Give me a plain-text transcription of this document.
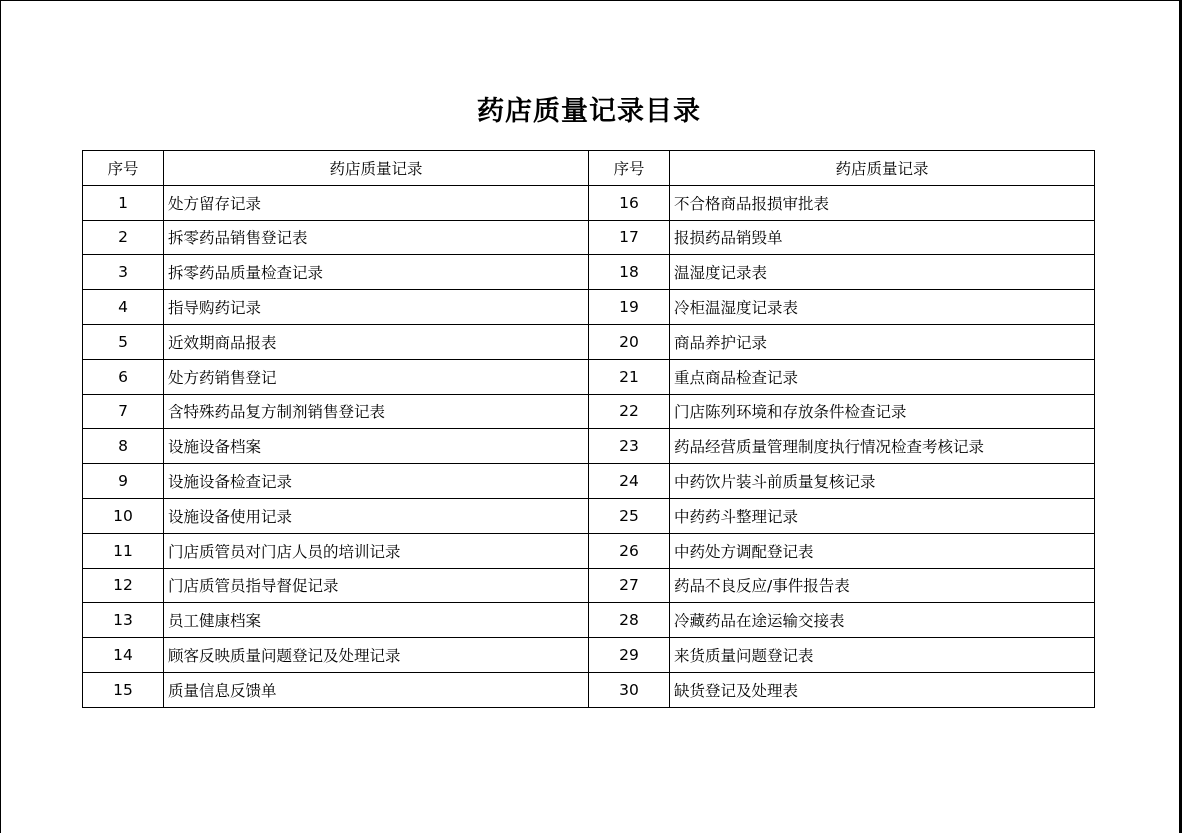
药店质量记录目录
序号	药店质量记录	序号	药店质量记录
1	处方留存记录	16	不合格商品报损审批表
2	拆零药品销售登记表	17	报损药品销毁单
3	拆零药品质量检查记录	18	温湿度记录表
4	指导购药记录	19	冷柜温湿度记录表
5	近效期商品报表	20	商品养护记录
6	处方药销售登记	21	重点商品检查记录
7	含特殊药品复方制剂销售登记表	22	门店陈列环境和存放条件检查记录
8	设施设备档案	23	药品经营质量管理制度执行情况检查考核记录
9	设施设备检查记录	24	中药饮片装斗前质量复核记录
10	设施设备使用记录	25	中药药斗整理记录
11	门店质管员对门店人员的培训记录	26	中药处方调配登记表
12	门店质管员指导督促记录	27	药品不良反应/事件报告表
13	员工健康档案	28	冷藏药品在途运输交接表
14	顾客反映质量问题登记及处理记录	29	来货质量问题登记表
15	质量信息反馈单	30	缺货登记及处理表
